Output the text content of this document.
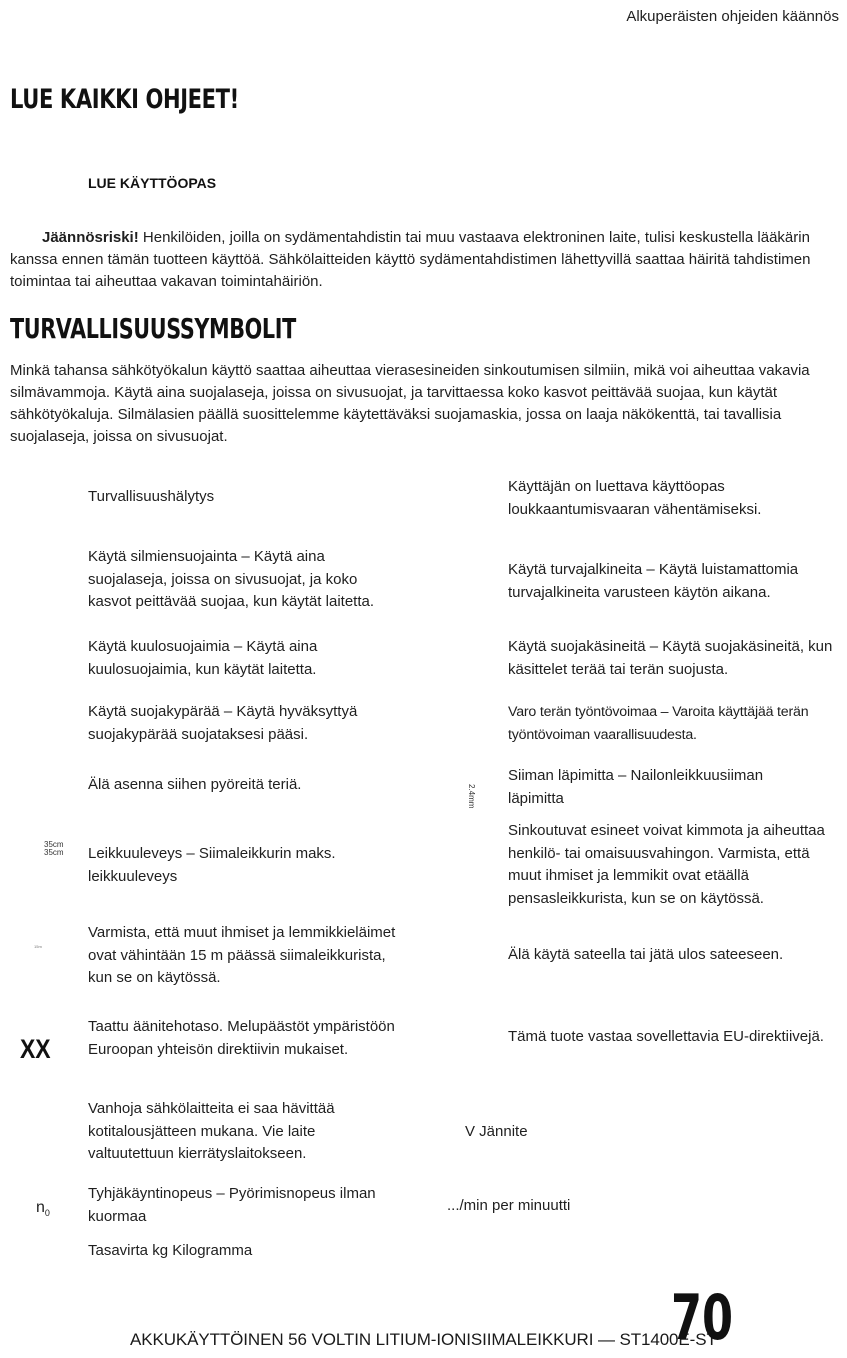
Alkuperäisten ohjeiden käännös
LUE KAIKKI OHJEET!
LUE KÄYTTÖOPAS
Jäännösriski! Henkilöiden, joilla on sydämentahdistin tai muu vastaava elektroninen laite, tulisi keskustella lääkärin kanssa ennen tämän tuotteen käyttöä. Sähkölaitteiden käyttö sydämentahdistimen lähettyvillä saattaa häiritä tahdistimen toimintaa tai aiheuttaa vakavan toimintahäiriön.
TURVALLISUUSSYMBOLIT
Minkä tahansa sähkötyökalun käyttö saattaa aiheuttaa vierasesineiden sinkoutumisen silmiin, mikä voi aiheuttaa vakavia silmävammoja. Käytä aina suojalaseja, joissa on sivusuojat, ja tarvittaessa koko kasvot peittävää suojaa, kun käytät sähkötyökaluja. Silmälasien päällä suosittelemme käytettäväksi suojamaskia, jossa on laaja näkökenttä, tai tavallisia suojalaseja, joissa on sivusuojat.
Turvallisuushälytys
Käytä silmiensuojainta – Käytä aina suojalaseja, joissa on sivusuojat, ja koko kasvot peittävää suojaa, kun käytät laitetta.
Käytä kuulosuojaimia – Käytä aina kuulosuojaimia, kun käytät laitetta.
Käytä suojakypärää – Käytä hyväksyttyä suojakypärää suojataksesi pääsi.
Älä asenna siihen pyöreitä teriä.
Leikkuuleveys – Siimaleikkurin maks. leikkuuleveys
Varmista, että muut ihmiset ja lemmikkieläimet ovat vähintään 15 m päässä siimaleikkurista, kun se on käytössä.
Taattu äänitehotaso. Melupäästöt ympäristöön Euroopan yhteisön direktiivin mukaiset.
Vanhoja sähkölaitteita ei saa hävittää kotitalousjätteen mukana. Vie laite valtuutettuun kierrätyslaitokseen.
Tyhjäkäyntinopeus – Pyörimisnopeus ilman kuormaa
Tasavirta kg Kilogramma
Käyttäjän on luettava käyttöopas loukkaantumisvaaran vähentämiseksi.
Käytä turvajalkineita – Käytä luistamattomia turvajalkineita varusteen käytön aikana.
Käytä suojakäsineitä – Käytä suojakäsineitä, kun käsittelet terää tai terän suojusta.
Varo terän työntövoimaa – Varoita käyttäjää terän työntövoiman vaarallisuudesta.
Siiman läpimitta – Nailonleikkuusiiman läpimitta
Sinkoutuvat esineet voivat kimmota ja aiheuttaa henkilö- tai omaisuusvahingon. Varmista, että muut ihmiset ja lemmikit ovat etäällä pensasleikkurista, kun se on käytössä.
Älä käytä sateella tai jätä ulos sateeseen.
Tämä tuote vastaa sovellettavia EU-direktiivejä.
V Jännite
.../min per minuutti
35cm
35cm
15m
2.4mm
XX
$n_0$
AKKUKÄYTTÖINEN 56 VOLTIN LITIUM-IONISIIMALEIKKURI — ST1400E-ST
70
